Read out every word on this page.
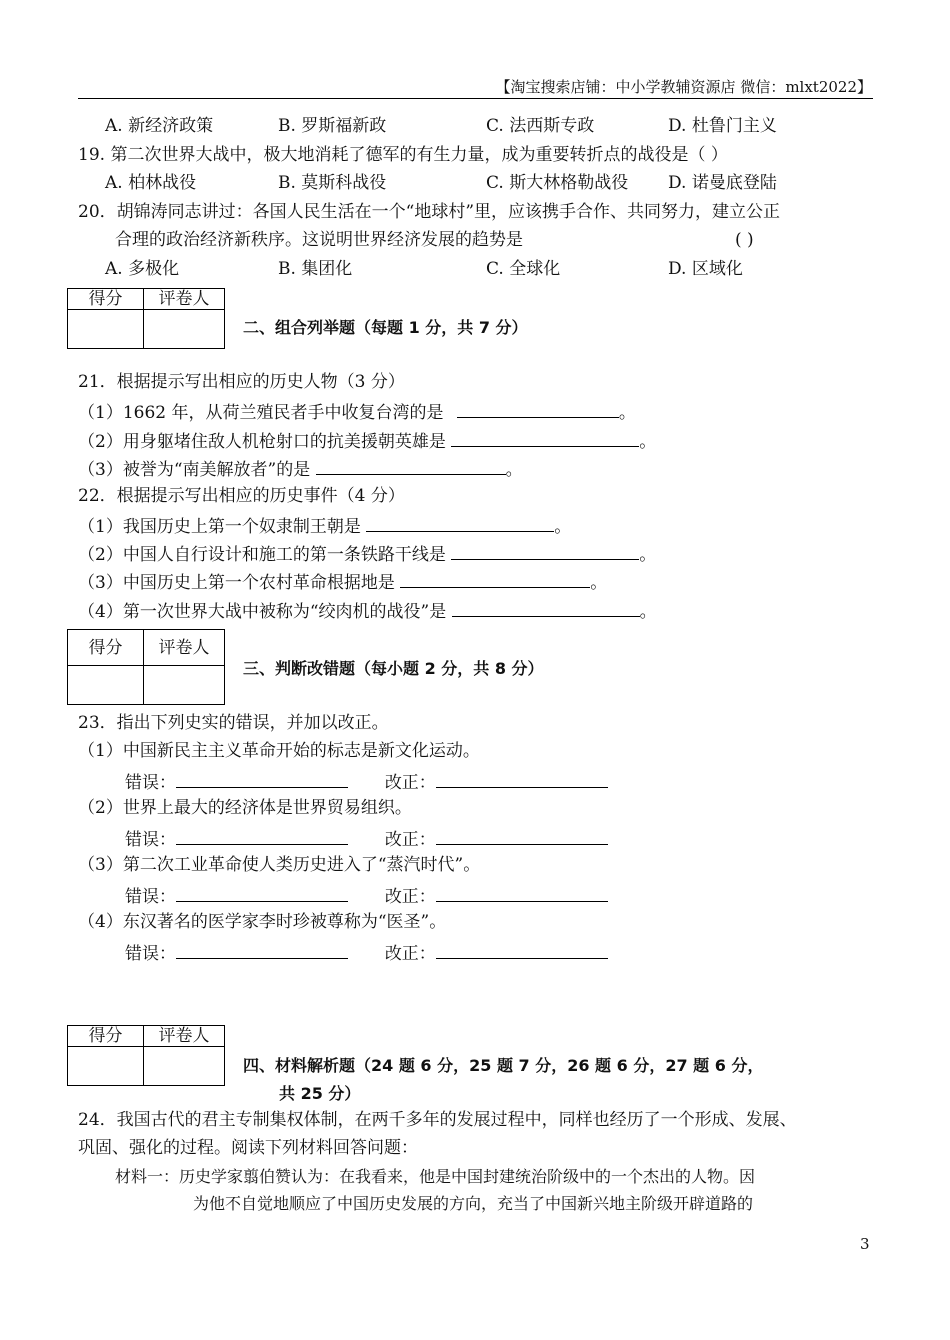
【淘宝搜索店铺：中小学教辅资源店 微信：mlxt2022】
A. 新经济政策	B. 罗斯福新政	C. 法西斯专政	D. 杜鲁门主义
19. 第二次世界大战中，极大地消耗了德军的有生力量，成为重要转折点的战役是（ ）
A. 柏林战役	B. 莫斯科战役	C. 斯大林格勒战役 D. 诺曼底登陆
20．胡锦涛同志讲过：各国人民生活在一个“地球村”里，应该携手合作、共同努力，建立公正
合理的政治经济新秩序。这说明世界经济发展的趋势是	( )
A. 多极化	B. 集团化	C. 全球化	D. 区域化
得分	评卷人
二、组合列举题（每题 1 分，共 7 分）
21．根据提示写出相应的历史人物（3 分）
（1）1662 年，从荷兰殖民者手中收复台湾的是	。
（2）用身躯堵住敌人机枪射口的抗美援朝英雄是	。
（3）被誉为“南美解放者”的是	。
22．根据提示写出相应的历史事件（4 分）
（1）我国历史上第一个奴隶制王朝是	。
（2）中国人自行设计和施工的第一条铁路干线是	。
（3）中国历史上第一个农村革命根据地是	。
（4）第一次世界大战中被称为“绞肉机的战役”是	。
得分	评卷人
三、判断改错题（每小题 2 分，共 8 分）
23．指出下列史实的错误，并加以改正。
（1）中国新民主主义革命开始的标志是新文化运动。
错误：	改正：
（2）世界上最大的经济体是世界贸易组织。
错误：	改正：
（3）第二次工业革命使人类历史进入了“蒸汽时代”。
错误：	改正：
（4）东汉著名的医学家李时珍被尊称为“医圣”。
错误：	改正：
得分	评卷人
四、材料解析题（24 题 6 分，25 题 7 分，26 题 6 分，27 题 6 分，
共 25 分）
24．我国古代的君主专制集权体制，在两千多年的发展过程中，同样也经历了一个形成、发展、
巩固、强化的过程。阅读下列材料回答问题：
材料一：历史学家翦伯赞认为：在我看来，他是中国封建统治阶级中的一个杰出的人物。因
为他不自觉地顺应了中国历史发展的方向，充当了中国新兴地主阶级开辟道路的
3
